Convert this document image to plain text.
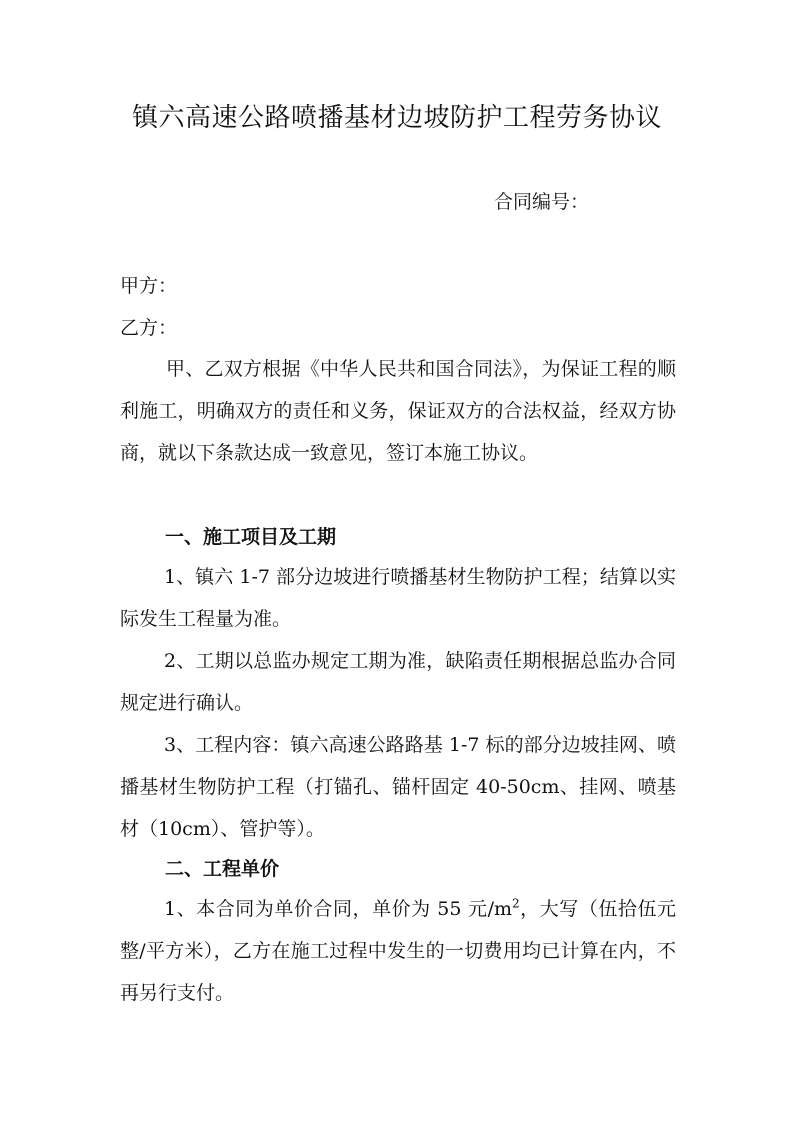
镇六高速公路喷播基材边坡防护工程劳务协议
合同编号：
甲方：
乙方：
甲、乙双方根据《中华人民共和国合同法》，为保证工程的顺利施工，明确双方的责任和义务，保证双方的合法权益，经双方协商，就以下条款达成一致意见，签订本施工协议。
一、施工项目及工期
1、镇六 1-7 部分边坡进行喷播基材生物防护工程；结算以实际发生工程量为准。
2、工期以总监办规定工期为准，缺陷责任期根据总监办合同规定进行确认。
3、工程内容：镇六高速公路路基 1-7 标的部分边坡挂网、喷播基材生物防护工程（打锚孔、锚杆固定 40-50cm、挂网、喷基材（10cm）、管护等）。
二、工程单价
1、本合同为单价合同，单价为 55 元$/m^2$，大写（伍拾伍元整/平方米），乙方在施工过程中发生的一切费用均已计算在内，不再另行支付。
